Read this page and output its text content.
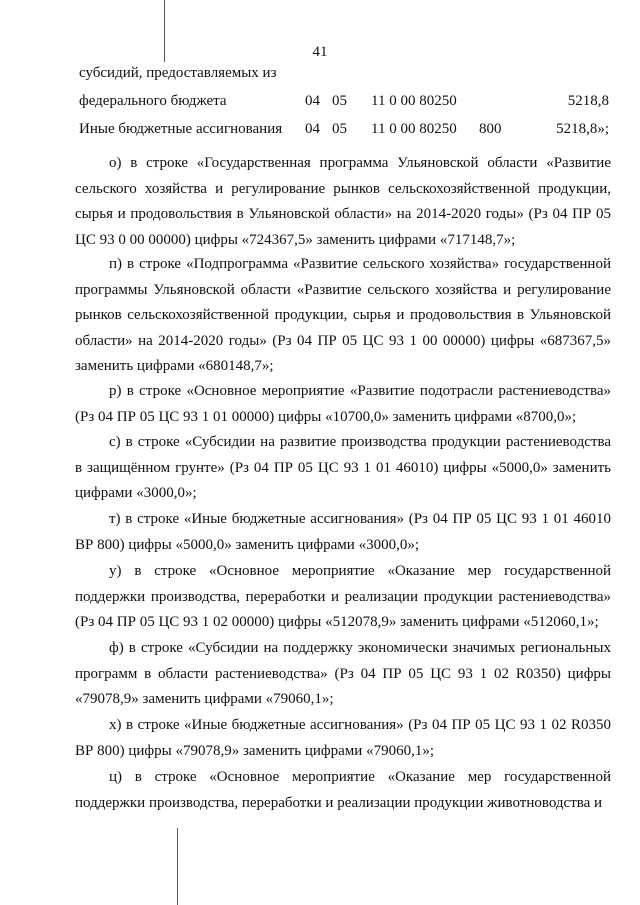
41
субсидий, предоставляемых из
федерального бюджета	04 05 11 0 00 80250	5218,8
Иные бюджетные ассигнования 04 05 11 0 00 80250 800	5218,8»;

о) в строке «Государственная программа Ульяновской области «Развитие сельского хозяйства и регулирование рынков сельскохозяйственной продукции, сырья и продовольствия в Ульяновской области» на 2014-2020 годы» (Рз 04 ПР 05 ЦС 93 0 00 00000) цифры «724367,5» заменить цифрами «717148,7»;

п) в строке «Подпрограмма «Развитие сельского хозяйства» государственной программы Ульяновской области «Развитие сельского хозяйства и регулирование рынков сельскохозяйственной продукции, сырья и продовольствия в Ульяновской области» на 2014-2020 годы» (Рз 04 ПР 05 ЦС 93 1 00 00000) цифры «687367,5» заменить цифрами «680148,7»;

р) в строке «Основное мероприятие «Развитие подотрасли растениеводства» (Рз 04 ПР 05 ЦС 93 1 01 00000) цифры «10700,0» заменить цифрами «8700,0»;

с) в строке «Субсидии на развитие производства продукции растениеводства в защищённом грунте» (Рз 04 ПР 05 ЦС 93 1 01 46010) цифры «5000,0» заменить цифрами «3000,0»;

т) в строке «Иные бюджетные ассигнования» (Рз 04 ПР 05 ЦС 93 1 01 46010 ВР 800) цифры «5000,0» заменить цифрами «3000,0»;

у) в строке «Основное мероприятие «Оказание мер государственной поддержки производства, переработки и реализации продукции растениеводства» (Рз 04 ПР 05 ЦС 93 1 02 00000) цифры «512078,9» заменить цифрами «512060,1»;

ф) в строке «Субсидии на поддержку экономически значимых региональных программ в области растениеводства» (Рз 04 ПР 05 ЦС 93 1 02 R0350) цифры «79078,9» заменить цифрами «79060,1»;

х) в строке «Иные бюджетные ассигнования» (Рз 04 ПР 05 ЦС 93 1 02 R0350 ВР 800) цифры «79078,9» заменить цифрами «79060,1»;

ц) в строке «Основное мероприятие «Оказание мер государственной поддержки производства, переработки и реализации продукции животноводства и
